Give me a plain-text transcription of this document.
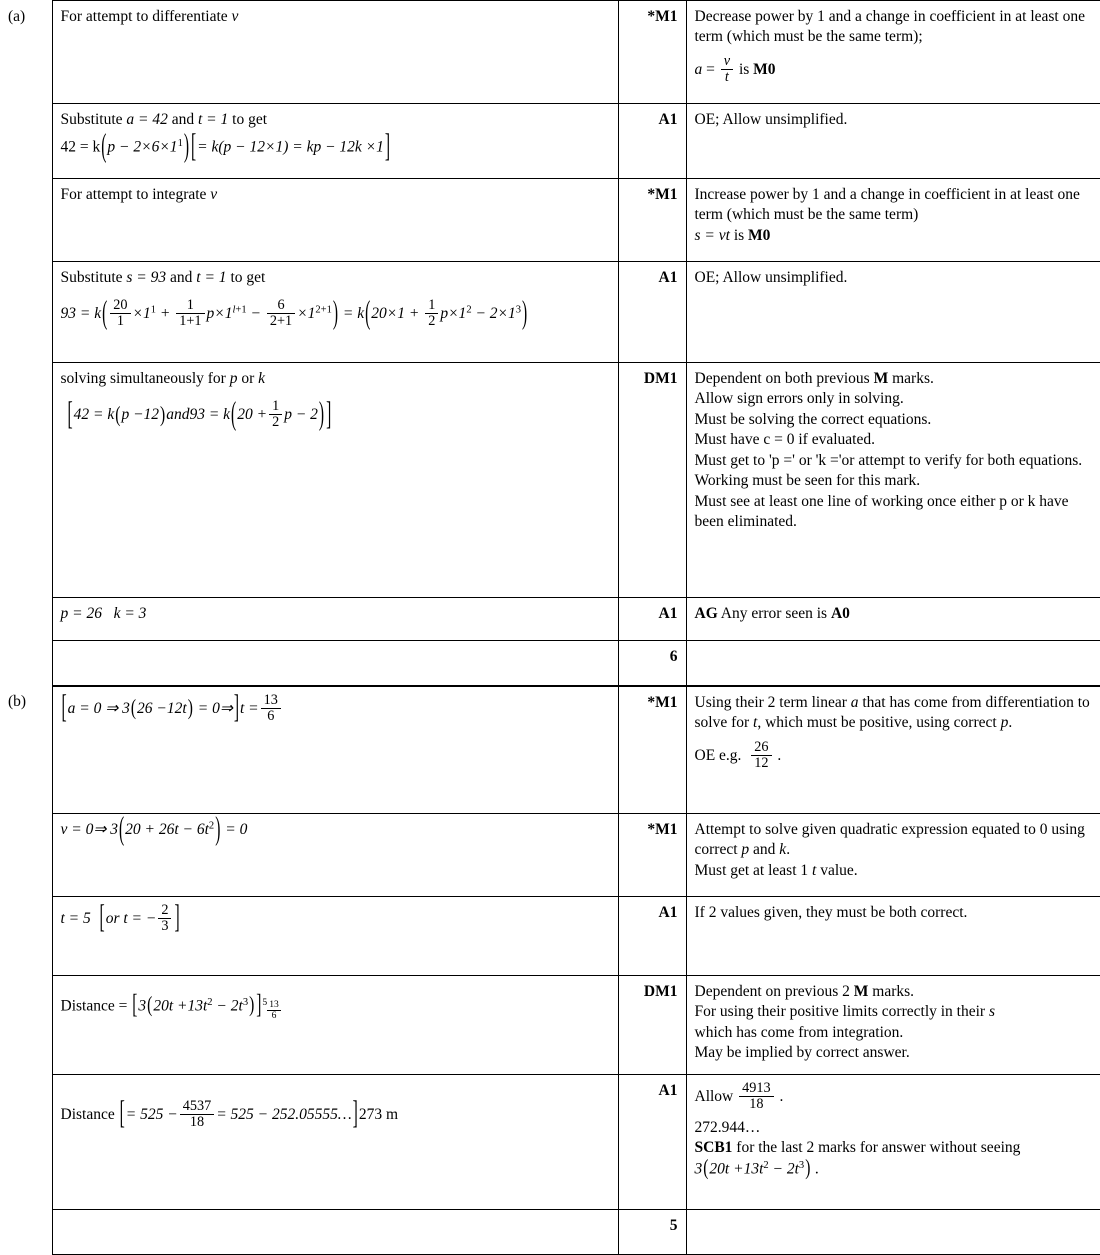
(a)	For attempt to differentiate v	*M1	Decrease power by 1 and a change in coefficient in at least one term (which must be the same term);
$a = \frac{v}{t}$ is M0

	Substitute a = 42 and t = 1 to get
$42 = k(p - 2\times 6\times 1^1)$ [= k(p − 12×1) = kp − 12k ×1]	A1	OE; Allow unsimplified.
	For attempt to integrate v	*M1	Increase power by 1 and a change in coefficient in at least one term (which must be the same term)
s = vt is M0

	Substitute s = 93 and t = 1 to get
$93 = k( \frac{20}{1} \times 1^1 + \frac{1}{1+1} p\times 1^{l+1} - \frac{6}{2+1} \times 1^{2+1}) = k(20\times 1 + \frac{1}{2} p\times 1^2 - 2\times 1^3)$
	A1	OE; Allow unsimplified.
	solving simultaneously for p or k
[$42 = k(p -12)and93 = k(20 + \frac{1}{2}$ p − 2) ]
	DM1	Dependent on both previous M marks.
Allow sign errors only in solving.
Must be solving the correct equations.
Must have c = 0 if evaluated.
Must get to 'p =' or 'k ='or attempt to verify for both equations.
Working must be seen for this mark.
Must see at least one line of working once either p or k have been eliminated.

	p = 26 k = 3	A1	AG Any error seen is A0
		6	
(b)	[a = 0 ⇒ 3(26 −12t) = 0⇒]t = $\frac{13}{6}$	*M1	Using their 2 term linear a that has come from differentiation to solve for t, which must be positive, using correct p.
OE e.g. $\frac{26}{12}$ .

	v = 0⇒ $3(20 + 26t - 6t^2) = 0$	*M1	Attempt to solve given quadratic expression equated to 0 using correct p and k.
Must get at least 1 t value.

	t = 5 [or t = − $\frac{2}{3}$ ]	A1	If 2 values given, they must be both correct.
	Distance = [$3(20t +13t^2 - 2t^3)$ ]$5 \frac{13}{6}$	DM1	Dependent on previous 2 M marks.
For using their positive limits correctly in their s
which has come from integration.
May be implied by correct answer.

	Distance [= $525 - \frac{4537}{18} = 525$ − 252.05555…]273 m	A1	Allow $\frac{4913}{18}$ .
272.944…
SCB1 for the last 2 marks for answer without seeing
$3(20t +13t^2 - 2t^3)$ .

		5	
